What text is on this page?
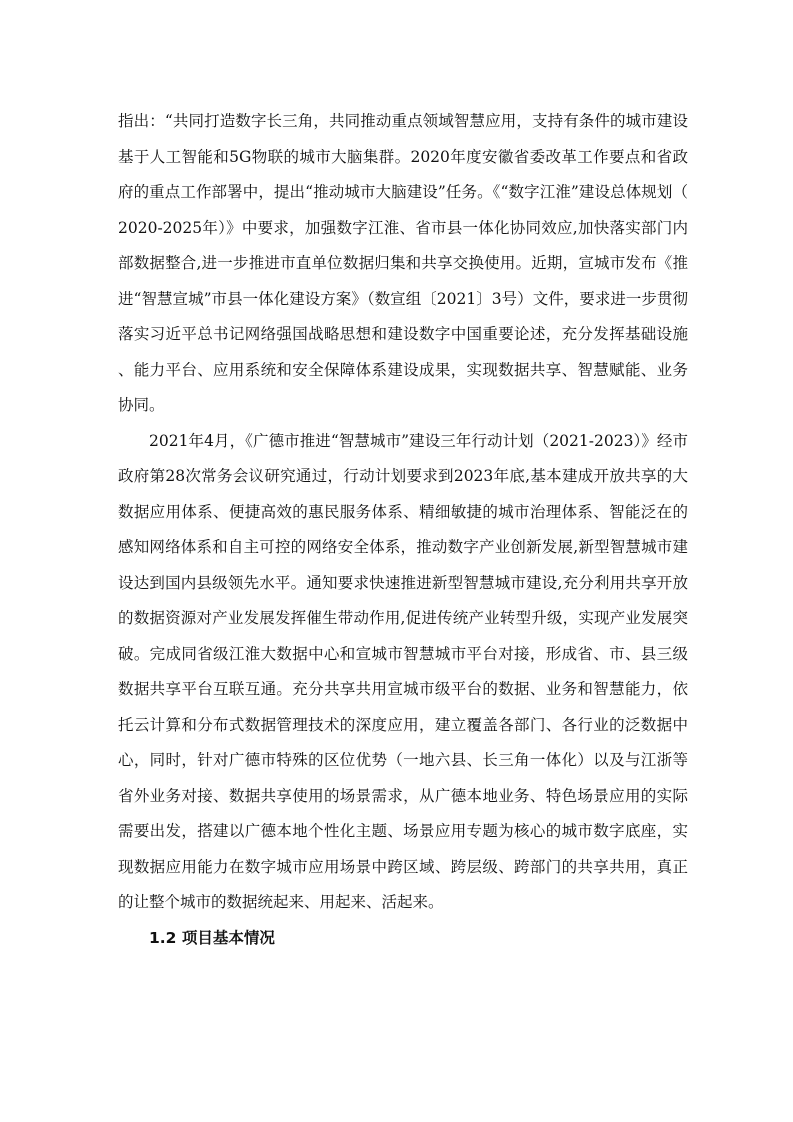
指出：“共同打造数字长三角，共同推动重点领域智慧应用，支持有条件的城市建设基于人工智能和5G物联的城市大脑集群。2020年度安徽省委改革工作要点和省政府的重点工作部署中，提出“推动城市大脑建设”任务。《“数字江淮”建设总体规划（2020-2025年）》中要求，加强数字江淮、省市县一体化协同效应,加快落实部门内部数据整合,进一步推进市直单位数据归集和共享交换使用。近期，宣城市发布《推进“智慧宣城”市县一体化建设方案》（数宣组〔2021〕3号）文件，要求进一步贯彻落实习近平总书记网络强国战略思想和建设数字中国重要论述，充分发挥基础设施、能力平台、应用系统和安全保障体系建设成果，实现数据共享、智慧赋能、业务协同。

2021年4月，《广德市推进“智慧城市”建设三年行动计划（2021-2023）》经市政府第28次常务会议研究通过，行动计划要求到2023年底,基本建成开放共享的大数据应用体系、便捷高效的惠民服务体系、精细敏捷的城市治理体系、智能泛在的感知网络体系和自主可控的网络安全体系，推动数字产业创新发展,新型智慧城市建设达到国内县级领先水平。通知要求快速推进新型智慧城市建设,充分利用共享开放的数据资源对产业发展发挥催生带动作用,促进传统产业转型升级，实现产业发展突破。完成同省级江淮大数据中心和宣城市智慧城市平台对接，形成省、市、县三级数据共享平台互联互通。充分共享共用宣城市级平台的数据、业务和智慧能力，依托云计算和分布式数据管理技术的深度应用，建立覆盖各部门、各行业的泛数据中心，同时，针对广德市特殊的区位优势（一地六县、长三角一体化）以及与江浙等省外业务对接、数据共享使用的场景需求，从广德本地业务、特色场景应用的实际需要出发，搭建以广德本地个性化主题、场景应用专题为核心的城市数字底座，实现数据应用能力在数字城市应用场景中跨区域、跨层级、跨部门的共享共用，真正的让整个城市的数据统起来、用起来、活起来。

1.2 项目基本情况
